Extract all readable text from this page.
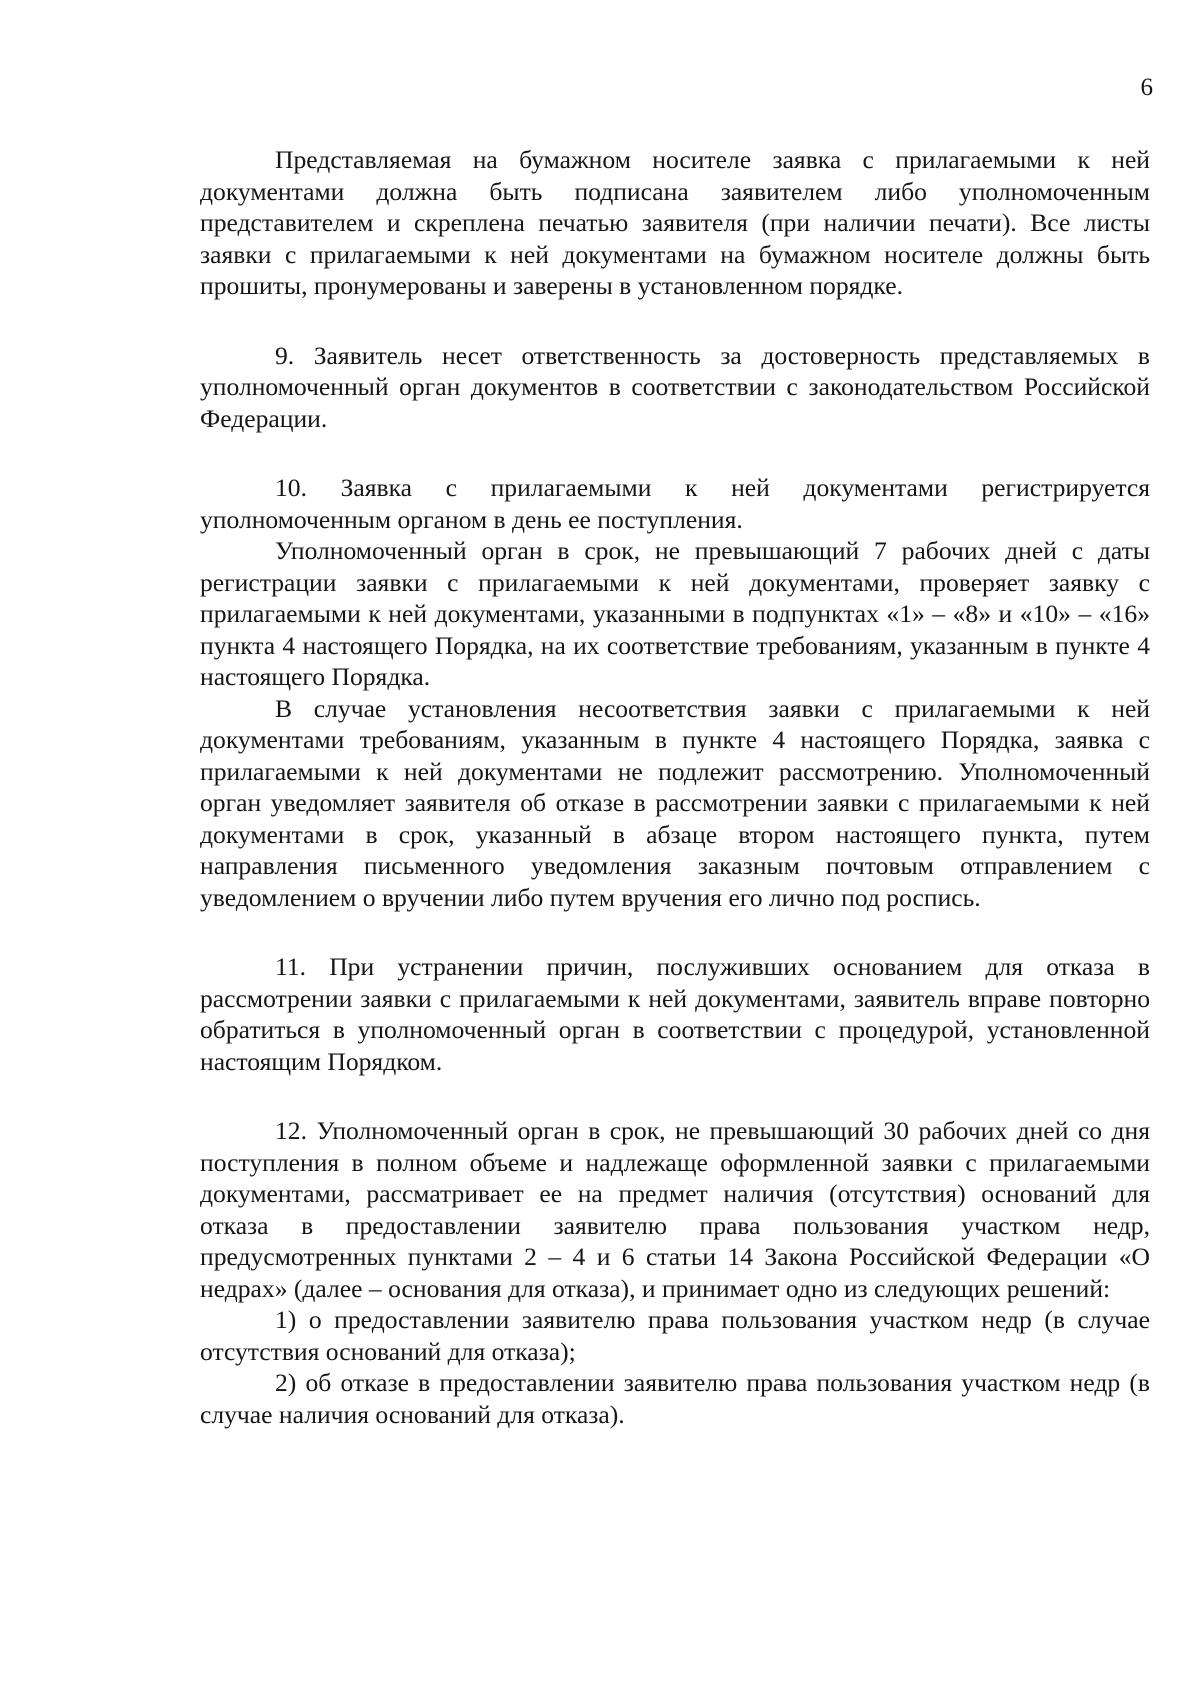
6

Представляемая на бумажном носителе заявка с прилагаемыми к ней документами должна быть подписана заявителем либо уполномоченным представителем и скреплена печатью заявителя (при наличии печати). Все листы заявки с прилагаемыми к ней документами на бумажном носителе должны быть прошиты, пронумерованы и заверены в установленном порядке.

9. Заявитель несет ответственность за достоверность представляемых в уполномоченный орган документов в соответствии с законодательством Российской Федерации.

10. Заявка с прилагаемыми к ней документами регистрируется уполномоченным органом в день ее поступления.

Уполномоченный орган в срок, не превышающий 7 рабочих дней с даты регистрации заявки с прилагаемыми к ней документами, проверяет заявку с прилагаемыми к ней документами, указанными в подпунктах «1» – «8» и «10» – «16» пункта 4 настоящего Порядка, на их соответствие требованиям, указанным в пункте 4 настоящего Порядка.

В случае установления несоответствия заявки с прилагаемыми к ней документами требованиям, указанным в пункте 4 настоящего Порядка, заявка с прилагаемыми к ней документами не подлежит рассмотрению. Уполномоченный орган уведомляет заявителя об отказе в рассмотрении заявки с прилагаемыми к ней документами в срок, указанный в абзаце втором настоящего пункта, путем направления письменного уведомления заказным почтовым отправлением с уведомлением о вручении либо путем вручения его лично под роспись.

11. При устранении причин, послуживших основанием для отказа в рассмотрении заявки с прилагаемыми к ней документами, заявитель вправе повторно обратиться в уполномоченный орган в соответствии с процедурой, установленной настоящим Порядком.

12. Уполномоченный орган в срок, не превышающий 30 рабочих дней со дня поступления в полном объеме и надлежаще оформленной заявки с прилагаемыми документами, рассматривает ее на предмет наличия (отсутствия) оснований для отказа в предоставлении заявителю права пользования участком недр, предусмотренных пунктами 2 – 4 и 6 статьи 14 Закона Российской Федерации «О недрах» (далее – основания для отказа), и принимает одно из следующих решений:

1) о предоставлении заявителю права пользования участком недр (в случае отсутствия оснований для отказа);

2) об отказе в предоставлении заявителю права пользования участком недр (в случае наличия оснований для отказа).
